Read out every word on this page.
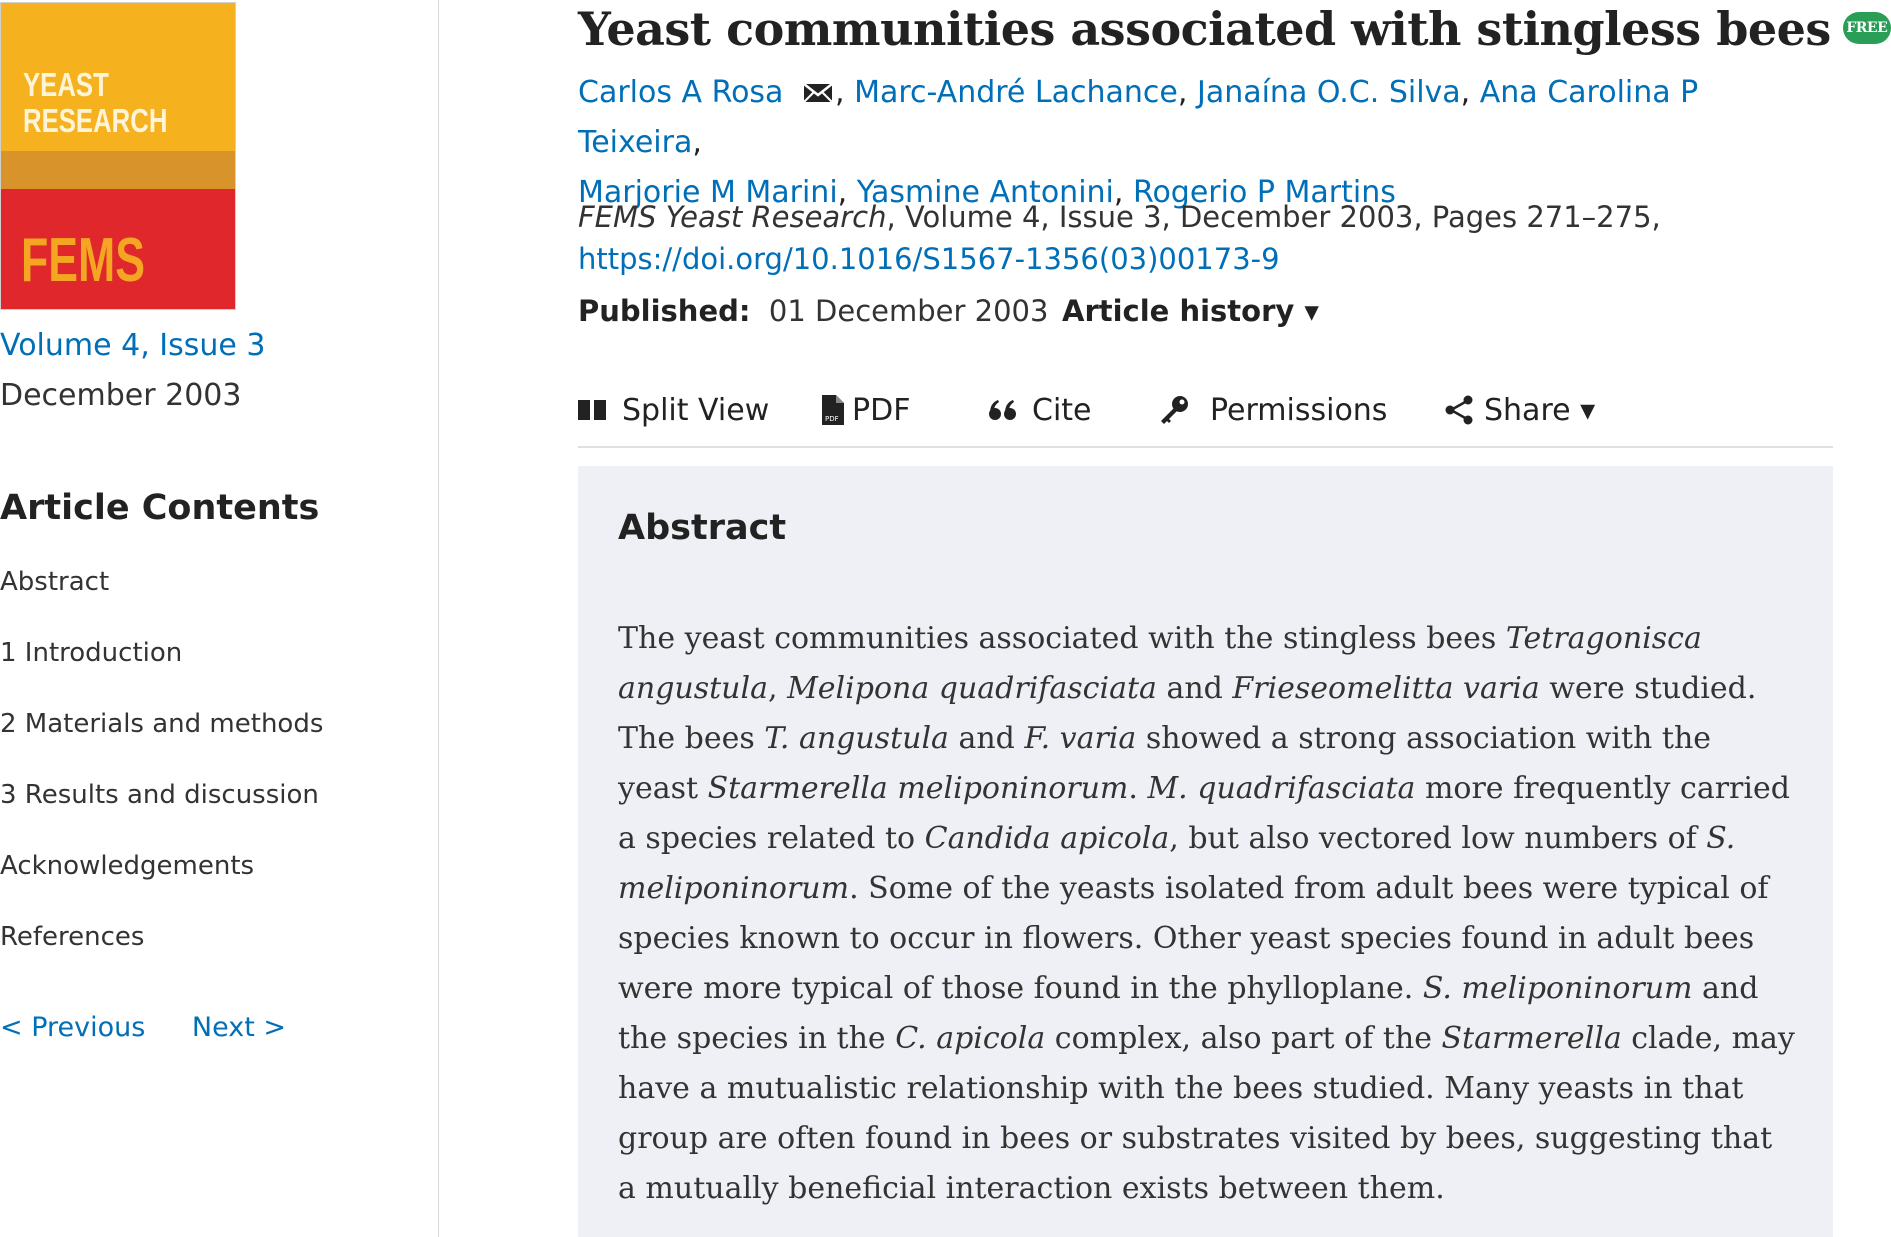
YEAST
RESEARCH
FEMS
Volume 4, Issue 3
December 2003
Article Contents
Abstract
1 Introduction
2 Materials and methods
3 Results and discussion
Acknowledgements
References
< Previous Next >
Yeast communities associated with stingless bees FREE
Carlos A Rosa , Marc-André Lachance, Janaína O.C. Silva, Ana Carolina P Teixeira,
Marjorie M Marini, Yasmine Antonini, Rogerio P Martins
FEMS Yeast Research, Volume 4, Issue 3, December 2003, Pages 271–275,
https://doi.org/10.1016/S1567-1356(03)00173-9
Published: 01 December 2003 Article history ▾
Split View	PDF PDF	Cite	Permissions	Share ▾
Abstract

The yeast communities associated with the stingless bees Tetragonisca angustula, Melipona quadrifasciata and Frieseomelitta varia were studied. The bees T. angustula and F. varia showed a strong association with the yeast Starmerella meliponinorum. M. quadrifasciata more frequently carried a species related to Candida apicola, but also vectored low numbers of S. meliponinorum. Some of the yeasts isolated from adult bees were typical of species known to occur in flowers. Other yeast species found in adult bees were more typical of those found in the phylloplane. S. meliponinorum and the species in the C. apicola complex, also part of the Starmerella clade, may have a mutualistic relationship with the bees studied. Many yeasts in that group are often found in bees or substrates visited by bees, suggesting that a mutually beneficial interaction exists between them.
